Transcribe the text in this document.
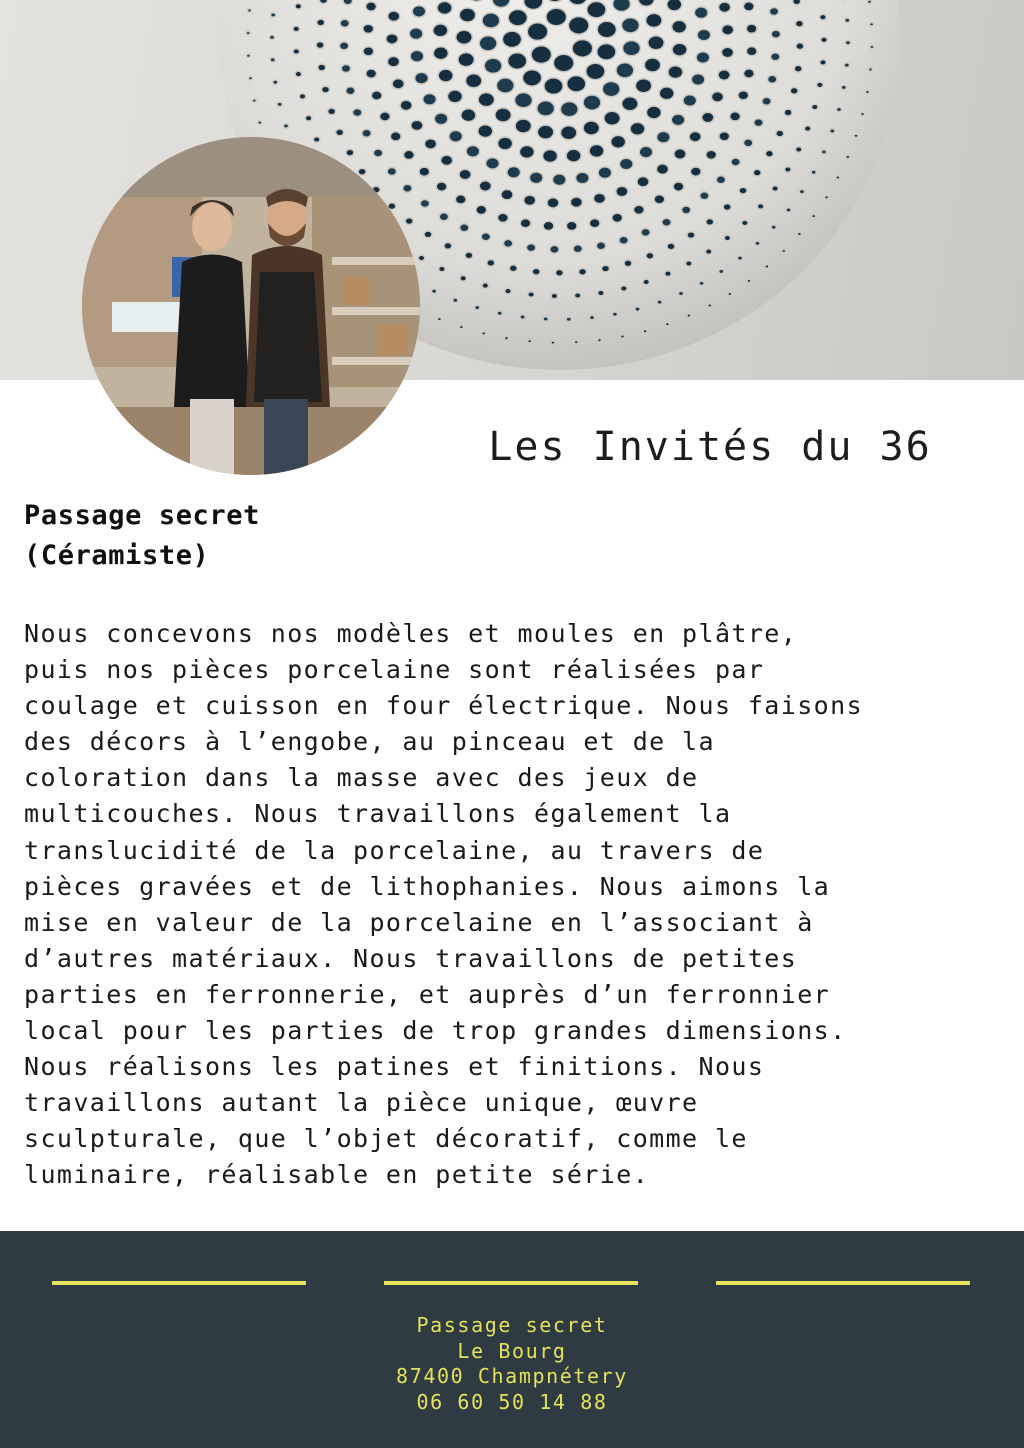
Les Invités du 36
Passage secret
(Céramiste)
Nous concevons nos modèles et moules en plâtre,
puis nos pièces porcelaine sont réalisées par
coulage et cuisson en four électrique. Nous faisons
des décors à l’engobe, au pinceau et de la
coloration dans la masse avec des jeux de
multicouches. Nous travaillons également la
translucidité de la porcelaine, au travers de
pièces gravées et de lithophanies. Nous aimons la
mise en valeur de la porcelaine en l’associant à
d’autres matériaux. Nous travaillons de petites
parties en ferronnerie, et auprès d’un ferronnier
local pour les parties de trop grandes dimensions.
Nous réalisons les patines et finitions. Nous
travaillons autant la pièce unique, œuvre
sculpturale, que l’objet décoratif, comme le
luminaire, réalisable en petite série.
Passage secret
Le Bourg
87400 Champnétery
06 60 50 14 88
